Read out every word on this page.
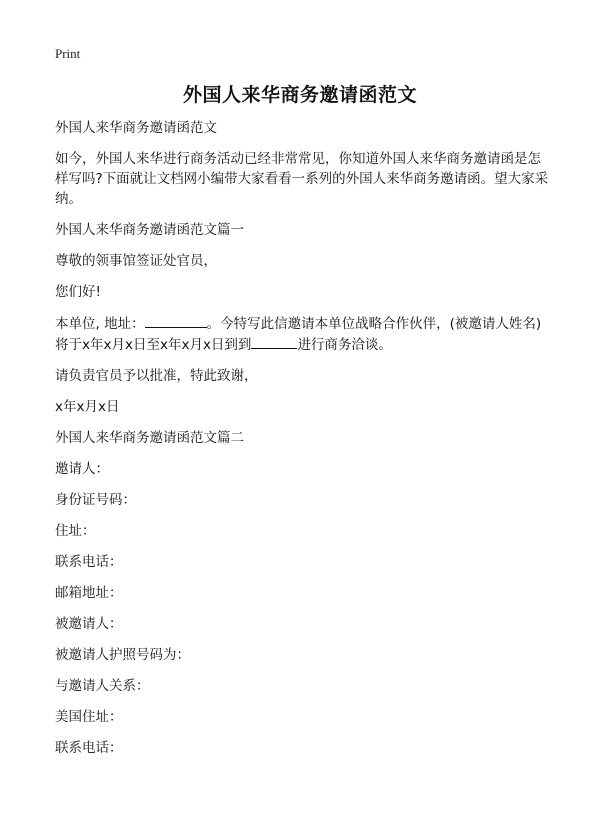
Print
外国人来华商务邀请函范文

外国人来华商务邀请函范文

如今，外国人来华进行商务活动已经非常常见，你知道外国人来华商务邀请函是怎样写吗?下面就让文档网小编带大家看看一系列的外国人来华商务邀请函。望大家采纳。

外国人来华商务邀请函范文篇一

尊敬的领事馆签证处官员，

您们好!

本单位, 地址：	。今特写此信邀请本单位战略合作伙伴，(被邀请人姓名)将于x年x月x日至x年x月x日到到	进行商务洽谈。

请负责官员予以批准，特此致谢，

x年x月x日

外国人来华商务邀请函范文篇二

邀请人：

身份证号码：

住址：

联系电话：

邮箱地址：

被邀请人：

被邀请人护照号码为：

与邀请人关系：

美国住址：

联系电话：
